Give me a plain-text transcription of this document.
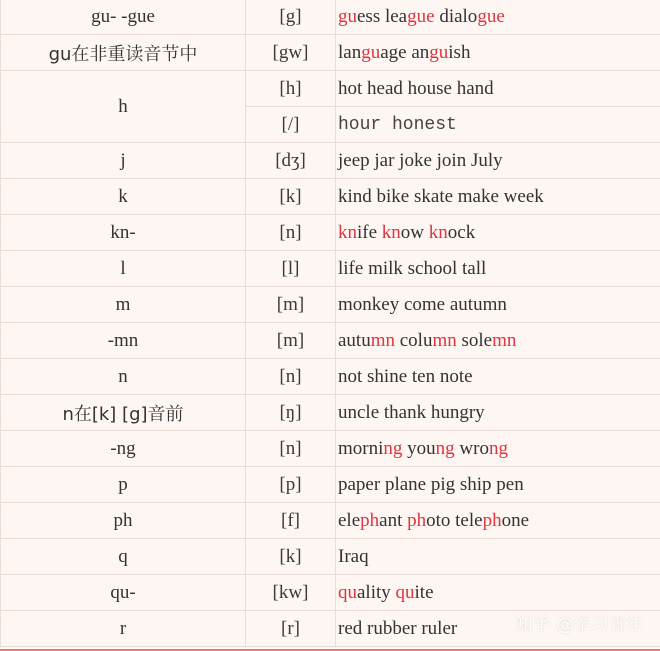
gu- -gue	[g]	guess league dialogue
gu在非重读音节中	[gw]	language anguish
h	[h]	hot head house hand
	[/]	hour honest
j	[dʒ]	jeep jar joke join July
k	[k]	kind bike skate make week
kn-	[n]	knife know knock
l	[l]	life milk school tall
m	[m]	monkey come autumn
-mn	[m]	autumn column solemn
n	[n]	not shine ten note
n在[k] [g]音前	[ŋ]	uncle thank hungry
-ng	[n]	morning young wrong
p	[p]	paper plane pig ship pen
ph	[f]	elephant photo telephone
q	[k]	Iraq
qu-	[kw]	quality quite
r	[r]	red rubber ruler	知乎 @学习青年
